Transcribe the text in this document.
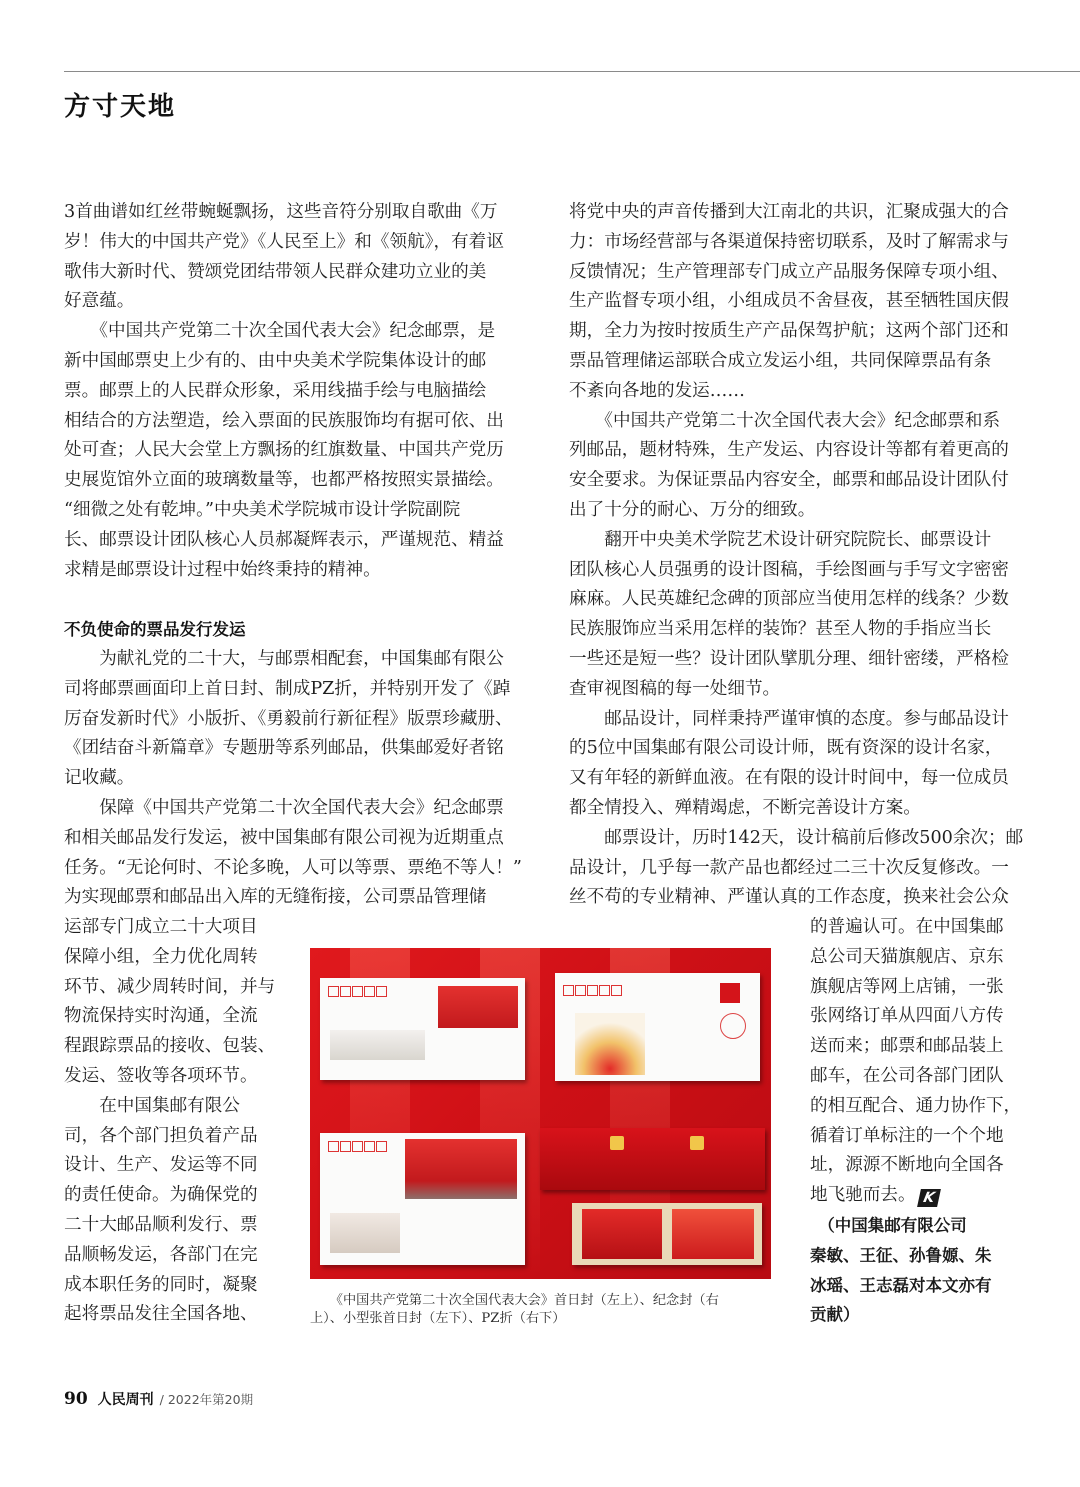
方寸天地

3首曲谱如红丝带蜿蜒飘扬，这些音符分别取自歌曲《万

岁！伟大的中国共产党》《人民至上》和《领航》，有着讴

歌伟大新时代、赞颂党团结带领人民群众建功立业的美

好意蕴。

　　《中国共产党第二十次全国代表大会》纪念邮票，是

新中国邮票史上少有的、由中央美术学院集体设计的邮

票。邮票上的人民群众形象，采用线描手绘与电脑描绘

相结合的方法塑造，绘入票面的民族服饰均有据可依、出

处可查；人民大会堂上方飘扬的红旗数量、中国共产党历

史展览馆外立面的玻璃数量等，也都严格按照实景描绘。

“细微之处有乾坤。”中央美术学院城市设计学院副院

长、邮票设计团队核心人员郝凝辉表示，严谨规范、精益

求精是邮票设计过程中始终秉持的精神。

不负使命的票品发行发运

　　为献礼党的二十大，与邮票相配套，中国集邮有限公

司将邮票画面印上首日封、制成PZ折，并特别开发了《踔

厉奋发新时代》小版折、《勇毅前行新征程》版票珍藏册、

《团结奋斗新篇章》专题册等系列邮品，供集邮爱好者铭

记收藏。

　　保障《中国共产党第二十次全国代表大会》纪念邮票

和相关邮品发行发运，被中国集邮有限公司视为近期重点

任务。“无论何时、不论多晚，人可以等票、票绝不等人！”

为实现邮票和邮品出入库的无缝衔接，公司票品管理储

将党中央的声音传播到大江南北的共识，汇聚成强大的合

力：市场经营部与各渠道保持密切联系，及时了解需求与

反馈情况；生产管理部专门成立产品服务保障专项小组、

生产监督专项小组，小组成员不舍昼夜，甚至牺牲国庆假

期，全力为按时按质生产产品保驾护航；这两个部门还和

票品管理储运部联合成立发运小组，共同保障票品有条

不紊向各地的发运……

　　《中国共产党第二十次全国代表大会》纪念邮票和系

列邮品，题材特殊，生产发运、内容设计等都有着更高的

安全要求。为保证票品内容安全，邮票和邮品设计团队付

出了十分的耐心、万分的细致。

　　翻开中央美术学院艺术设计研究院院长、邮票设计

团队核心人员强勇的设计图稿，手绘图画与手写文字密密

麻麻。人民英雄纪念碑的顶部应当使用怎样的线条？少数

民族服饰应当采用怎样的装饰？甚至人物的手指应当长

一些还是短一些？设计团队擘肌分理、细针密缕，严格检

查审视图稿的每一处细节。

　　邮品设计，同样秉持严谨审慎的态度。参与邮品设计

的5位中国集邮有限公司设计师，既有资深的设计名家，

又有年轻的新鲜血液。在有限的设计时间中，每一位成员

都全情投入、殚精竭虑，不断完善设计方案。

　　邮票设计，历时142天，设计稿前后修改500余次；邮

品设计，几乎每一款产品也都经过二三十次反复修改。一

丝不苟的专业精神、严谨认真的工作态度，换来社会公众

运部专门成立二十大项目

保障小组，全力优化周转

环节、减少周转时间，并与

物流保持实时沟通，全流

程跟踪票品的接收、包装、

发运、签收等各项环节。

　　在中国集邮有限公

司，各个部门担负着产品

设计、生产、发运等不同

的责任使命。为确保党的

二十大邮品顺利发行、票

品顺畅发运，各部门在完

成本职任务的同时，凝聚

起将票品发往全国各地、

的普遍认可。在中国集邮

总公司天猫旗舰店、京东

旗舰店等网上店铺，一张

张网络订单从四面八方传

送而来；邮票和邮品装上

邮车，在公司各部门团队

的相互配合、通力协作下，

循着订单标注的一个个地

址，源源不断地向全国各

地飞驰而去。 K

　（中国集邮有限公司

秦敏、王征、孙鲁嫄、朱

冰瑶、王志磊对本文亦有

贡献）

　　《中国共产党第二十次全国代表大会》首日封（左上）、纪念封（右

上）、小型张首日封（左下）、PZ折（右下）

90 人民周刊 / 2022年第20期
